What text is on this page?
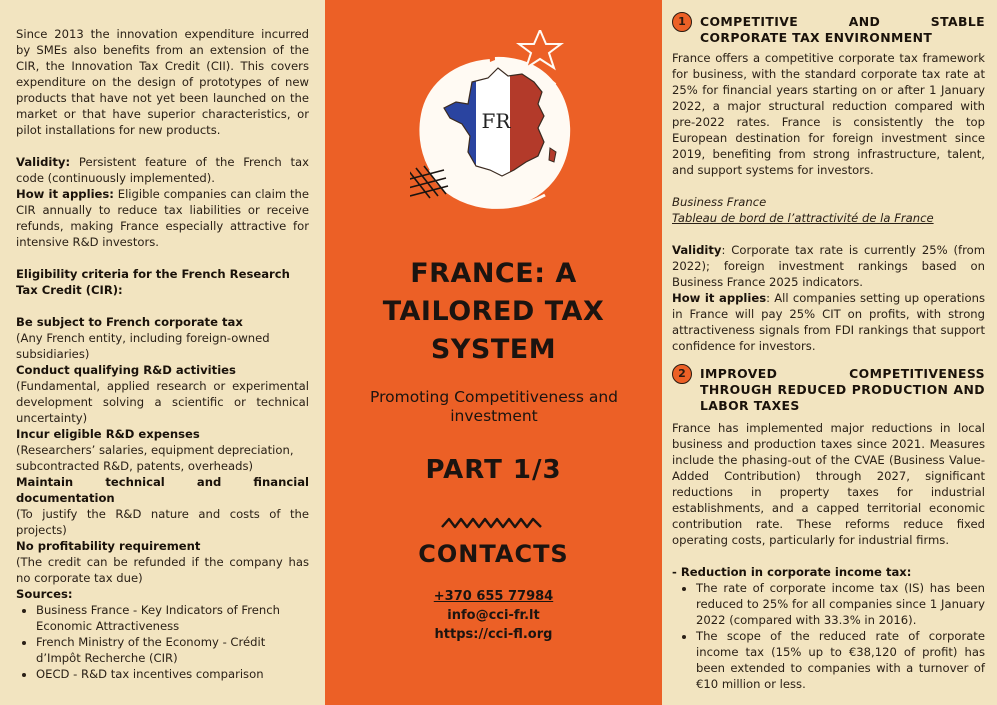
Since 2013 the innovation expenditure incurred by SMEs also benefits from an extension of the CIR, the Innovation Tax Credit (CII). This covers expenditure on the design of prototypes of new products that have not yet been launched on the market or that have superior characteristics, or pilot installations for new products.

Validity: Persistent feature of the French tax code (continuously implemented).

How it applies: Eligible companies can claim the CIR annually to reduce tax liabilities or receive refunds, making France especially attractive for intensive R&D investors.

Eligibility criteria for the French Research Tax Credit (CIR):

Be subject to French corporate tax
(Any French entity, including foreign-owned subsidiaries)
Conduct qualifying R&D activities
(Fundamental, applied research or experimental development solving a scientific or technical uncertainty)
Incur eligible R&D expenses
(Researchers’ salaries, equipment depreciation, subcontracted R&D, patents, overheads)
Maintain technical and financial documentation
(To justify the R&D nature and costs of the projects)
No profitability requirement
(The credit can be refunded if the company has no corporate tax due)

Sources:

• Business France - Key Indicators of French Economic Attractiveness
• French Ministry of the Economy - Crédit d’Impôt Recherche (CIR)
• OECD - R&D tax incentives comparison
FR
FRANCE: A
TAILORED TAX
SYSTEM
Promoting Competitiveness and investment
PART 1/3
CONTACTS
+370 655 77984
info@cci-fr.lt
https://cci-fl.org
1	COMPETITIVE AND STABLE CORPORATE TAX ENVIRONMENT

France offers a competitive corporate tax framework for business, with the standard corporate tax rate at 25% for financial years starting on or after 1 January 2022, a major structural reduction compared with pre-2022 rates. France is consistently the top European destination for foreign investment since 2019, benefiting from strong infrastructure, talent, and support systems for investors.

Business France
Tableau de bord de l’attractivité de la France

Validity: Corporate tax rate is currently 25% (from 2022); foreign investment rankings based on Business France 2025 indicators.

How it applies: All companies setting up operations in France will pay 25% CIT on profits, with strong attractiveness signals from FDI rankings that support confidence for investors.

2	IMPROVED COMPETITIVENESS THROUGH REDUCED PRODUCTION AND LABOR TAXES

France has implemented major reductions in local business and production taxes since 2021. Measures include the phasing-out of the CVAE (Business Value-Added Contribution) through 2027, significant reductions in property taxes for industrial establishments, and a capped territorial economic contribution rate. These reforms reduce fixed operating costs, particularly for industrial firms.

- Reduction in corporate income tax:

• The rate of corporate income tax (IS) has been reduced to 25% for all companies since 1 January 2022 (compared with 33.3% in 2016).
• The scope of the reduced rate of corporate income tax (15% up to €38,120 of profit) has been extended to companies with a turnover of €10 million or less.
